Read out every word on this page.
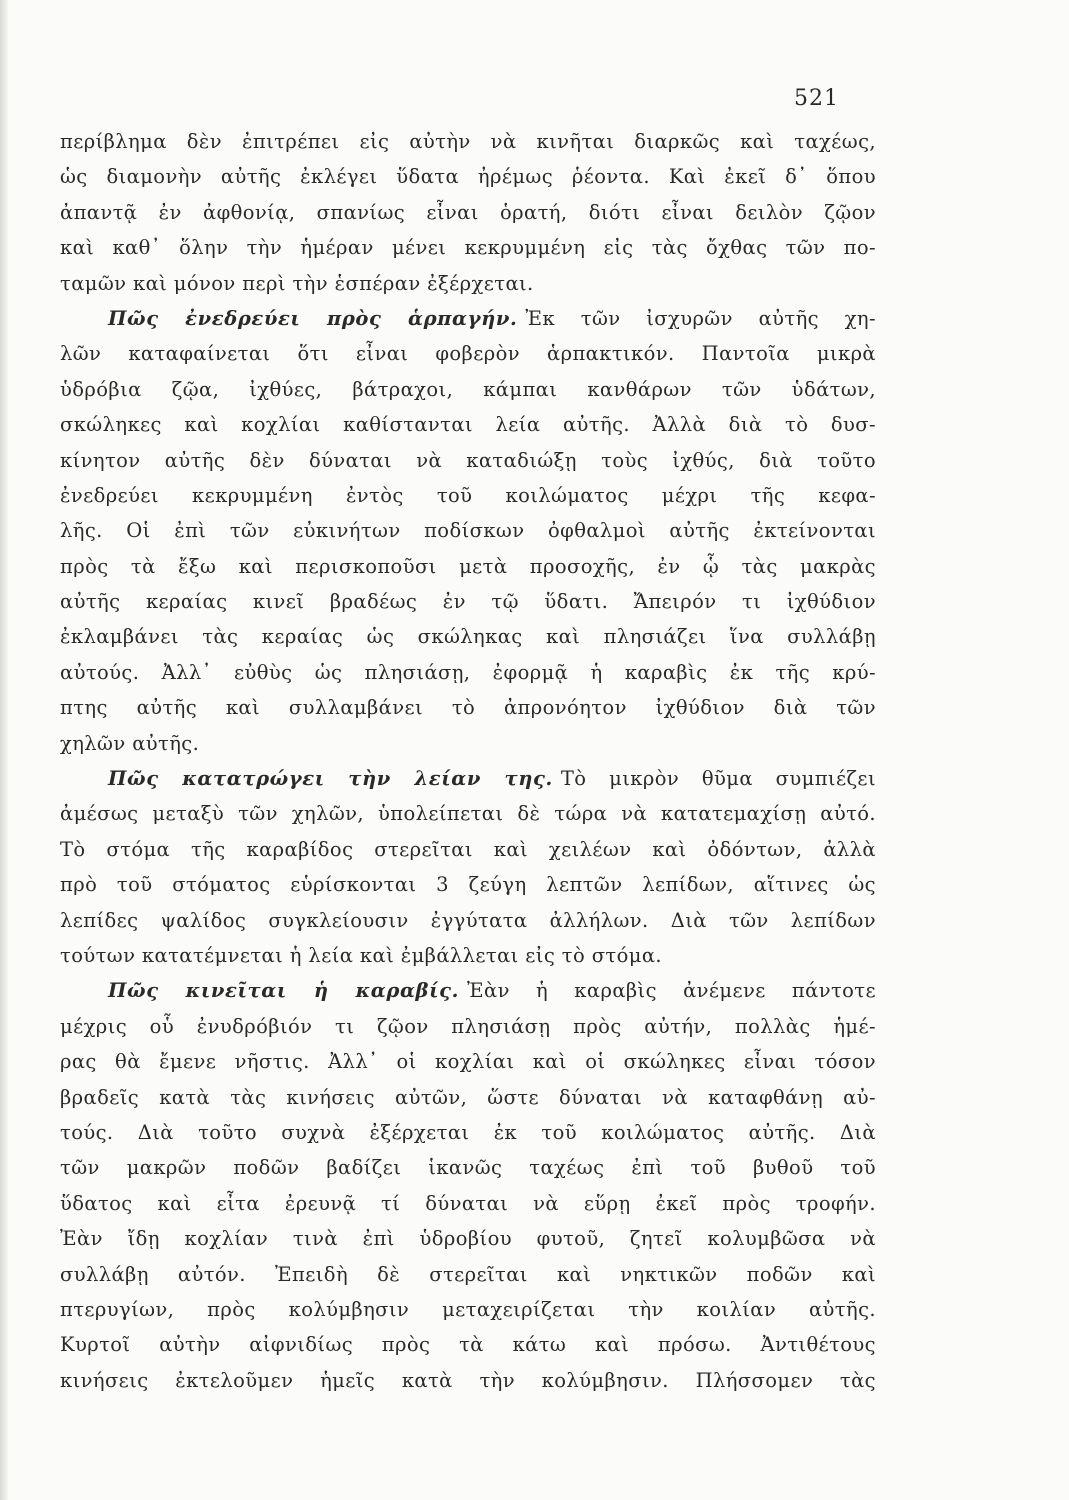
521
περίβλημα δὲν ἐπιτρέπει εἰς αὐτὴν νὰ κινῆται διαρκῶς καὶ ταχέως,
ὡς διαμονὴν αὐτῆς ἐκλέγει ὕδατα ἠρέμως ῥέοντα. Καὶ ἐκεῖ δ᾽ ὅπου
ἀπαντᾷ ἐν ἀφθονίᾳ, σπανίως εἶναι ὁρατή, διότι εἶναι δειλὸν ζῷον
καὶ καθ᾽ ὅλην τὴν ἡμέραν μένει κεκρυμμένη εἰς τὰς ὄχθας τῶν πο-
ταμῶν καὶ μόνον περὶ τὴν ἑσπέραν ἐξέρχεται.
Πῶς ἐνεδρεύει πρὸς ἁρπαγήν. Ἐκ τῶν ἰσχυρῶν αὐτῆς χη-
λῶν καταφαίνεται ὅτι εἶναι φοβερὸν ἁρπακτικόν. Παντοῖα μικρὰ
ὑδρόβια ζῷα, ἰχθύες, βάτραχοι, κάμπαι κανθάρων τῶν ὑδάτων,
σκώληκες καὶ κοχλίαι καθίστανται λεία αὐτῆς. Ἀλλὰ διὰ τὸ δυσ-
κίνητον αὐτῆς δὲν δύναται νὰ καταδιώξῃ τοὺς ἰχθύς, διὰ τοῦτο
ἐνεδρεύει κεκρυμμένη ἐντὸς τοῦ κοιλώματος μέχρι τῆς κεφα-
λῆς. Οἱ ἐπὶ τῶν εὐκινήτων ποδίσκων ὀφθαλμοὶ αὐτῆς ἐκτείνονται
πρὸς τὰ ἔξω καὶ περισκοποῦσι μετὰ προσοχῆς, ἐν ᾧ τὰς μακρὰς
αὐτῆς κεραίας κινεῖ βραδέως ἐν τῷ ὕδατι. Ἄπειρόν τι ἰχθύδιον
ἐκλαμβάνει τὰς κεραίας ὡς σκώληκας καὶ πλησιάζει ἵνα συλλάβῃ
αὐτούς. Ἀλλ᾽ εὐθὺς ὡς πλησιάσῃ, ἐφορμᾷ ἡ καραβὶς ἐκ τῆς κρύ-
πτης αὐτῆς καὶ συλλαμβάνει τὸ ἀπρονόητον ἰχθύδιον διὰ τῶν
χηλῶν αὐτῆς.
Πῶς κατατρώγει τὴν λείαν της. Τὸ μικρὸν θῦμα συμπιέζει
ἀμέσως μεταξὺ τῶν χηλῶν, ὑπολείπεται δὲ τώρα νὰ κατατεμαχίσῃ αὐτό.
Τὸ στόμα τῆς καραβίδος στερεῖται καὶ χειλέων καὶ ὀδόντων, ἀλλὰ
πρὸ τοῦ στόματος εὑρίσκονται 3 ζεύγη λεπτῶν λεπίδων, αἵτινες ὡς
λεπίδες ψαλίδος συγκλείουσιν ἐγγύτατα ἀλλήλων. Διὰ τῶν λεπίδων
τούτων κατατέμνεται ἡ λεία καὶ ἐμβάλλεται εἰς τὸ στόμα.
Πῶς κινεῖται ἡ καραβίς. Ἐὰν ἡ καραβὶς ἀνέμενε πάντοτε
μέχρις οὗ ἐνυδρόβιόν τι ζῷον πλησιάσῃ πρὸς αὐτήν, πολλὰς ἡμέ-
ρας θὰ ἔμενε νῆστις. Ἀλλ᾽ οἱ κοχλίαι καὶ οἱ σκώληκες εἶναι τόσον
βραδεῖς κατὰ τὰς κινήσεις αὐτῶν, ὥστε δύναται νὰ καταφθάνῃ αὐ-
τούς. Διὰ τοῦτο συχνὰ ἐξέρχεται ἐκ τοῦ κοιλώματος αὐτῆς. Διὰ
τῶν μακρῶν ποδῶν βαδίζει ἱκανῶς ταχέως ἐπὶ τοῦ βυθοῦ τοῦ
ὕδατος καὶ εἶτα ἐρευνᾷ τί δύναται νὰ εὕρῃ ἐκεῖ πρὸς τροφήν.
Ἐὰν ἴδῃ κοχλίαν τινὰ ἐπὶ ὑδροβίου φυτοῦ, ζητεῖ κολυμβῶσα νὰ
συλλάβῃ αὐτόν. Ἐπειδὴ δὲ στερεῖται καὶ νηκτικῶν ποδῶν καὶ
πτερυγίων, πρὸς κολύμβησιν μεταχειρίζεται τὴν κοιλίαν αὐτῆς.
Κυρτοῖ αὐτὴν αἰφνιδίως πρὸς τὰ κάτω καὶ πρόσω. Ἀντιθέτους
κινήσεις ἐκτελοῦμεν ἡμεῖς κατὰ τὴν κολύμβησιν. Πλήσσομεν τὰς
